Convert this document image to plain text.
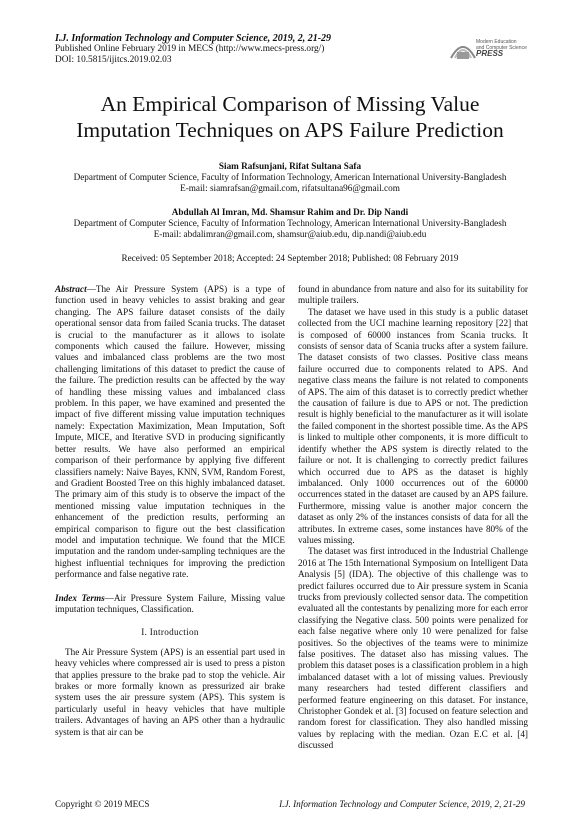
I.J. Information Technology and Computer Science, 2019, 2, 21-29
Published Online February 2019 in MECS (http://www.mecs-press.org/)
DOI: 10.5815/ijitcs.2019.02.03
Modern Education
and Computer Science
PRESS
An Empirical Comparison of Missing Value
Imputation Techniques on APS Failure Prediction
Siam Rafsunjani, Rifat Sultana Safa
Department of Computer Science, Faculty of Information Technology, American International University-Bangladesh
E-mail: siamrafsan@gmail.com, rifatsultana96@gmail.com
Abdullah Al Imran, Md. Shamsur Rahim and Dr. Dip Nandi
Department of Computer Science, Faculty of Information Technology, American International University-Bangladesh
E-mail: abdalimran@gmail.com, shamsur@aiub.edu, dip.nandi@aiub.edu
Received: 05 September 2018; Accepted: 24 September 2018; Published: 08 February 2019

Abstract—The Air Pressure System (APS) is a type of function used in heavy vehicles to assist braking and gear changing. The APS failure dataset consists of the daily operational sensor data from failed Scania trucks. The dataset is crucial to the manufacturer as it allows to isolate components which caused the failure. However, missing values and imbalanced class problems are the two most challenging limitations of this dataset to predict the cause of the failure. The prediction results can be affected by the way of handling these missing values and imbalanced class problem. In this paper, we have examined and presented the impact of five different missing value imputation techniques namely: Expectation Maximization, Mean Imputation, Soft Impute, MICE, and Iterative SVD in producing significantly better results. We have also performed an empirical comparison of their performance by applying five different classifiers namely: Naive Bayes, KNN, SVM, Random Forest, and Gradient Boosted Tree on this highly imbalanced dataset. The primary aim of this study is to observe the impact of the mentioned missing value imputation techniques in the enhancement of the prediction results, performing an empirical comparison to figure out the best classification model and imputation technique. We found that the MICE imputation and the random under-sampling techniques are the highest influential techniques for improving the prediction performance and false negative rate.

Index Terms—Air Pressure System Failure, Missing value imputation techniques, Classification.

I. Introduction

The Air Pressure System (APS) is an essential part used in heavy vehicles where compressed air is used to press a piston that applies pressure to the brake pad to stop the vehicle. Air brakes or more formally known as pressurized air brake system uses the air pressure system (APS). This system is particularly useful in heavy vehicles that have multiple trailers. Advantages of having an APS other than a hydraulic system is that air can be

found in abundance from nature and also for its suitability for multiple trailers.

The dataset we have used in this study is a public dataset collected from the UCI machine learning repository [22] that is composed of 60000 instances from Scania trucks. It consists of sensor data of Scania trucks after a system failure. The dataset consists of two classes. Positive class means failure occurred due to components related to APS. And negative class means the failure is not related to components of APS. The aim of this dataset is to correctly predict whether the causation of failure is due to APS or not. The prediction result is highly beneficial to the manufacturer as it will isolate the failed component in the shortest possible time. As the APS is linked to multiple other components, it is more difficult to identify whether the APS system is directly related to the failure or not. It is challenging to correctly predict failures which occurred due to APS as the dataset is highly imbalanced. Only 1000 occurrences out of the 60000 occurrences stated in the dataset are caused by an APS failure. Furthermore, missing value is another major concern the dataset as only 2% of the instances consists of data for all the attributes. In extreme cases, some instances have 80% of the values missing.

The dataset was first introduced in the Industrial Challenge 2016 at The 15th International Symposium on Intelligent Data Analysis [5] (IDA). The objective of this challenge was to predict failures occurred due to Air pressure system in Scania trucks from previously collected sensor data. The competition evaluated all the contestants by penalizing more for each error classifying the Negative class. 500 points were penalized for each false negative where only 10 were penalized for false positives. So the objectives of the teams were to minimize false positives. The dataset also has missing values. The problem this dataset poses is a classification problem in a high imbalanced dataset with a lot of missing values. Previously many researchers had tested different classifiers and performed feature engineering on this dataset. For instance, Christopher Gondek et al. [3] focused on feature selection and random forest for classification. They also handled missing values by replacing with the median. Ozan E.C et al. [4] discussed

Copyright © 2019 MECS	I.J. Information Technology and Computer Science, 2019, 2, 21-29
